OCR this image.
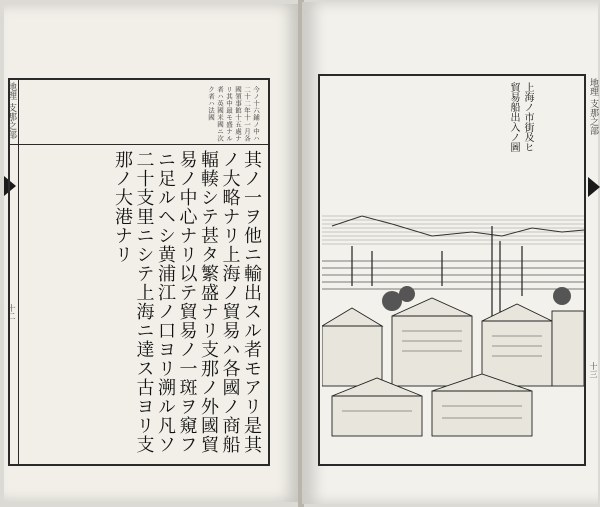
地理 支那之部
十二
今ノ十六鋪ノ中ハ二十二年十一月各國領事館十五處ナリ其中最モ盛ナル者ハ英國米國ニ次ク者ハ法國
其ノ一ヲ他ニ輸出スル者モアリ是其ノ大略ナリ上海ノ貿易ハ各國ノ商船輻輳シテ甚タ繁盛ナリ支那ノ外國貿易ノ中心ナリ以テ貿易ノ一斑ヲ窺フニ足ルヘシ黄浦江ノ口ヨリ溯ル凡ソ二十支里ニシテ上海ニ達ス古ヨリ支那ノ大港ナリ
上海ノ市街及ヒ貿易船出入ノ圖	地理 支那之部
十三
